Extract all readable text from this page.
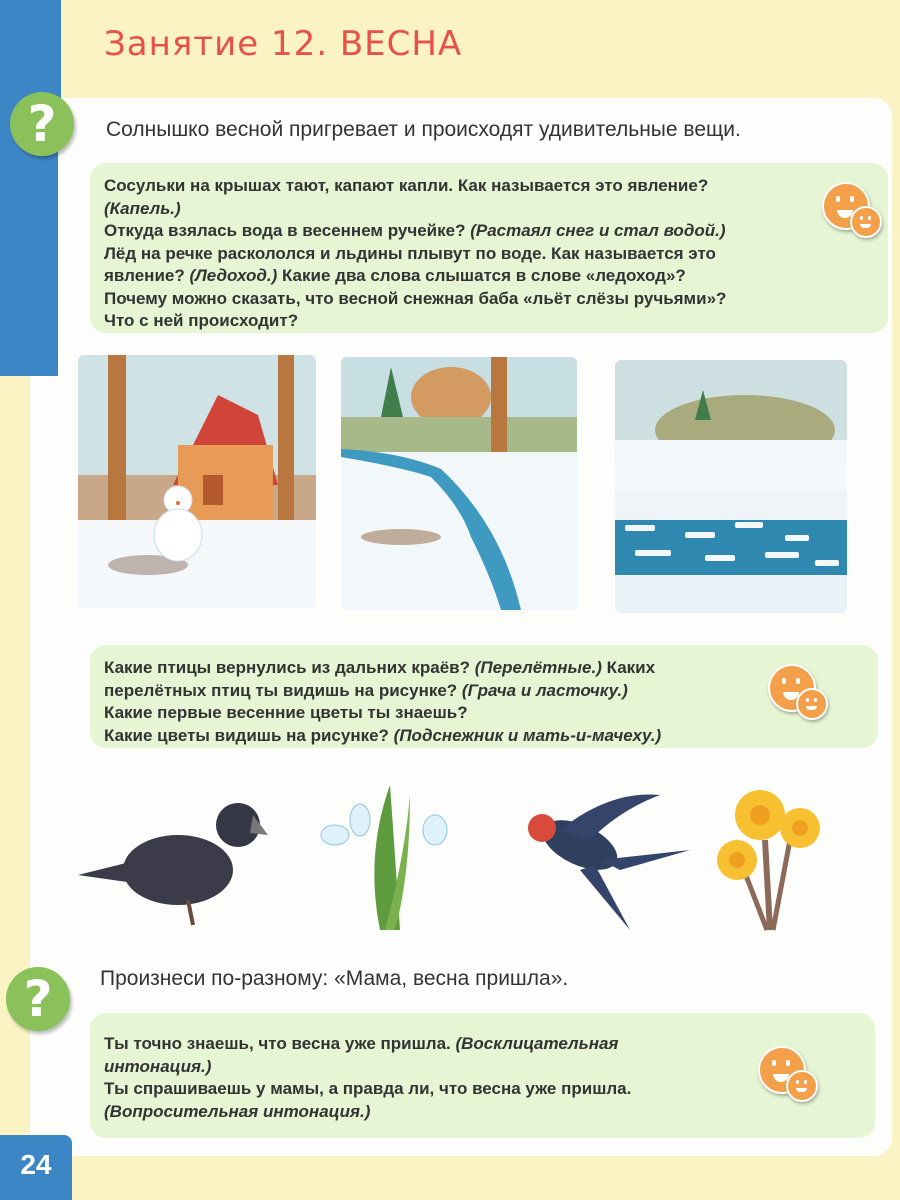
Занятие 12. ВЕСНА
?	Солнышко весной пригревает и происходят удивительные вещи.
Сосульки на крышах тают, капают капли. Как называется это явление?
(Капель.)
Откуда взялась вода в весеннем ручейке? (Растаял снег и стал водой.)
Лёд на речке раскололся и льдины плывут по воде. Как называется это
явление? (Ледоход.) Какие два слова слышатся в слове «ледоход»?
Почему можно сказать, что весной снежная баба «льёт слёзы ручьями»?
Что с ней происходит?
Какие птицы вернулись из дальних краёв? (Перелётные.) Каких
перелётных птиц ты видишь на рисунке? (Грача и ласточку.)
Какие первые весенние цветы ты знаешь?
Какие цветы видишь на рисунке? (Подснежник и мать-и-мачеху.)
?	Произнеси по-разному: «Мама, весна пришла».
Ты точно знаешь, что весна уже пришла. (Восклицательная
интонация.)
Ты спрашиваешь у мамы, а правда ли, что весна уже пришла.
(Вопросительная интонация.)
24
